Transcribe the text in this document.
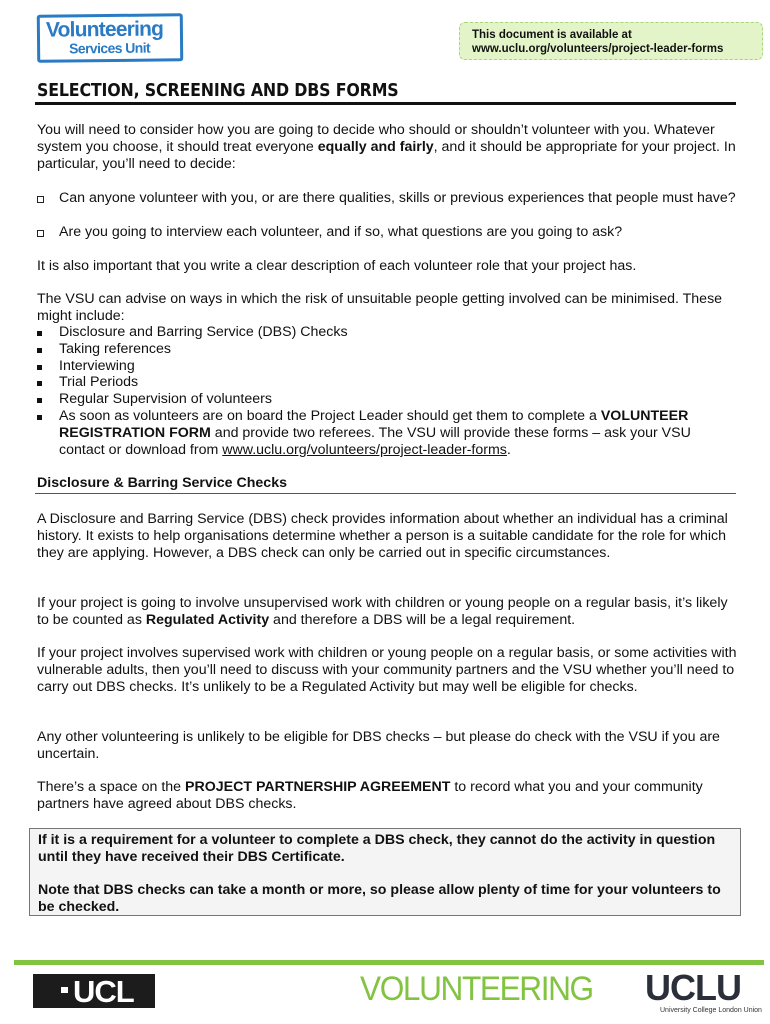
Volunteering
Services Unit
This document is available at
www.uclu.org/volunteers/project-leader-forms
SELECTION, SCREENING AND DBS FORMS
You will need to consider how you are going to decide who should or shouldn’t volunteer with you. Whatever system you choose, it should treat everyone equally and fairly, and it should be appropriate for your project. In particular, you’ll need to decide:
Can anyone volunteer with you, or are there qualities, skills or previous experiences that people must have?
Are you going to interview each volunteer, and if so, what questions are you going to ask?
It is also important that you write a clear description of each volunteer role that your project has.
The VSU can advise on ways in which the risk of unsuitable people getting involved can be minimised. These might include:
Disclosure and Barring Service (DBS) Checks
Taking references
Interviewing
Trial Periods
Regular Supervision of volunteers
As soon as volunteers are on board the Project Leader should get them to complete a VOLUNTEER REGISTRATION FORM and provide two referees. The VSU will provide these forms – ask your VSU contact or download from www.uclu.org/volunteers/project-leader-forms.
Disclosure & Barring Service Checks
A Disclosure and Barring Service (DBS) check provides information about whether an individual has a criminal history. It exists to help organisations determine whether a person is a suitable candidate for the role for which they are applying. However, a DBS check can only be carried out in specific circumstances.
If your project is going to involve unsupervised work with children or young people on a regular basis, it’s likely to be counted as Regulated Activity and therefore a DBS will be a legal requirement.
If your project involves supervised work with children or young people on a regular basis, or some activities with vulnerable adults, then you’ll need to discuss with your community partners and the VSU whether you’ll need to carry out DBS checks. It’s unlikely to be a Regulated Activity but may well be eligible for checks.
Any other volunteering is unlikely to be eligible for DBS checks – but please do check with the VSU if you are uncertain.
There’s a space on the PROJECT PARTNERSHIP AGREEMENT to record what you and your community partners have agreed about DBS checks.
If it is a requirement for a volunteer to complete a DBS check, they cannot do the activity in question until they have received their DBS Certificate.
Note that DBS checks can take a month or more, so please allow plenty of time for your volunteers to be checked.
UCL	VOLUNTEERING UCLU
University College London Union
